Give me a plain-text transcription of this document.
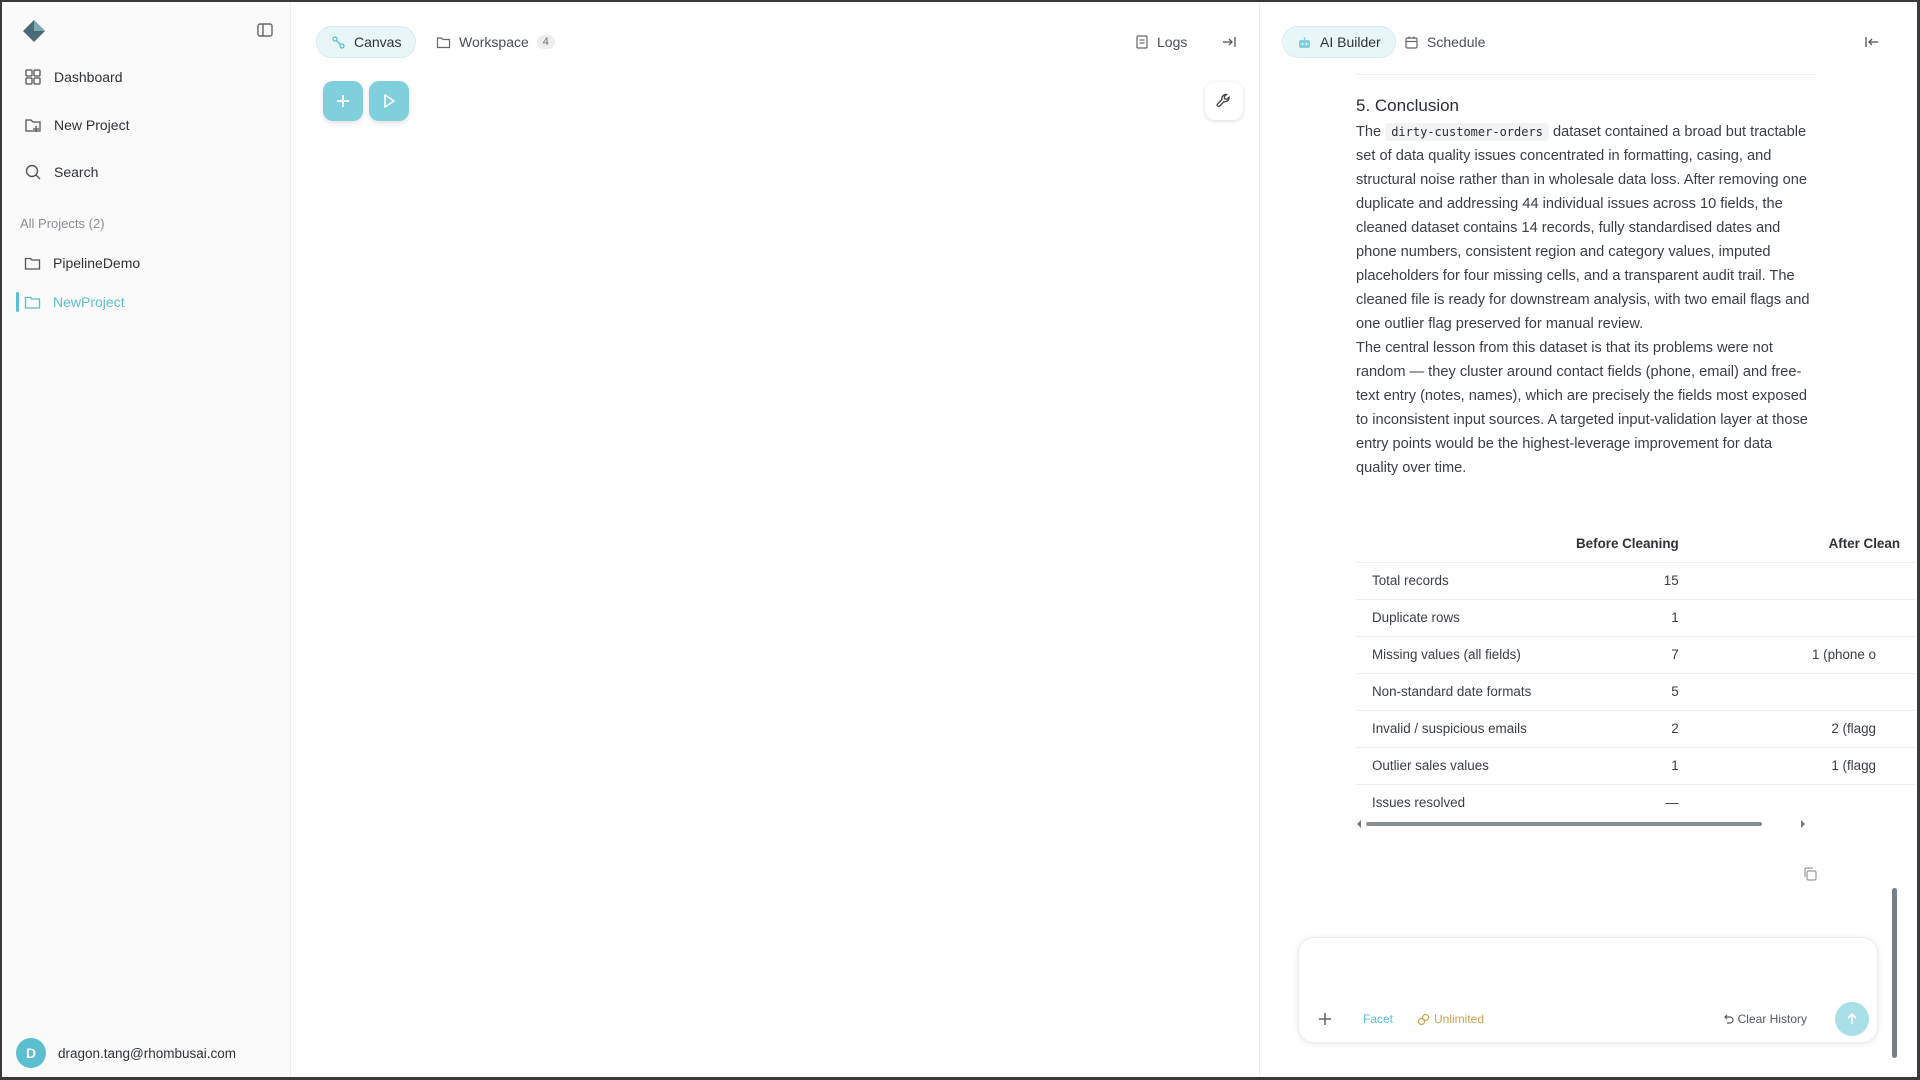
Dashboard
New Project
Search
All Projects (2)
PipelineDemo
NewProject
D	dragon.tang@rhombusai.com
Canvas	Workspace	4	Logs	AI Builder	Schedule
5. Conclusion

The dirty-customer-orders dataset contained a broad but tractable set of data quality issues concentrated in formatting, casing, and structural noise rather than in wholesale data loss. After removing one duplicate and addressing 44 individual issues across 10 fields, the cleaned dataset contains 14 records, fully standardised dates and phone numbers, consistent region and category values, imputed placeholders for four missing cells, and a transparent audit trail. The cleaned file is ready for downstream analysis, with two email flags and one outlier flag preserved for manual review.

The central lesson from this dataset is that its problems were not random — they cluster around contact fields (phone, email) and free-text entry (notes, names), which are precisely the fields most exposed to inconsistent input sources. A targeted input-validation layer at those entry points would be the highest-leverage improvement for data quality over time.

	Before Cleaning	After Clean
Total records	15	
Duplicate rows	1	
Missing values (all fields)	7	1 (phone o
Non-standard date formats	5	
Invalid / suspicious emails	2	2 (flagg
Outlier sales values	1	1 (flagg
Issues resolved	—	
Facet	Unlimited	Clear History
